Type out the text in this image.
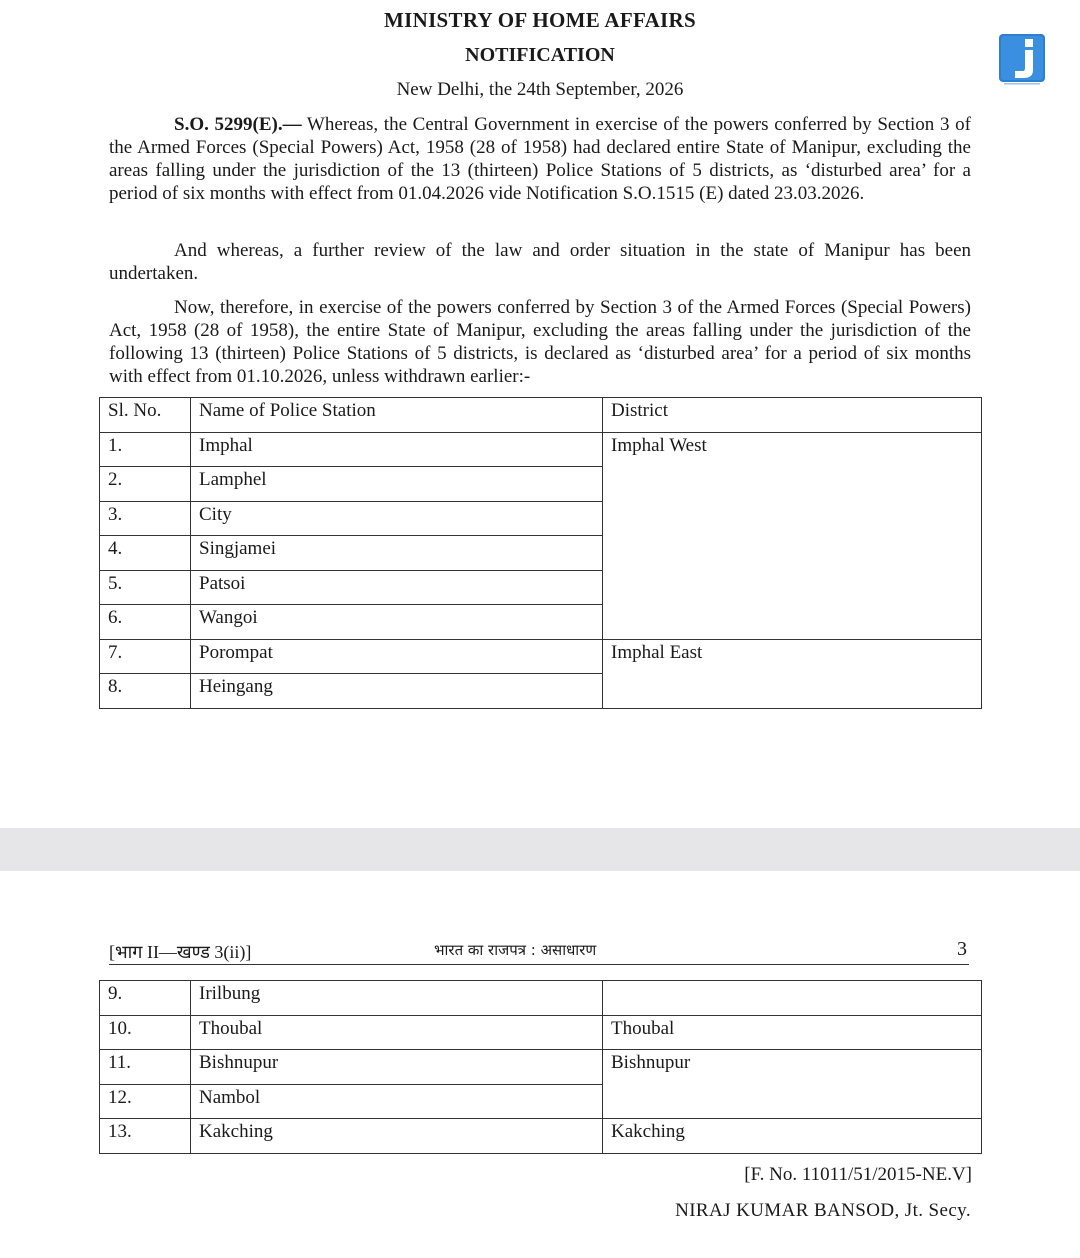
MINISTRY OF HOME AFFAIRS
NOTIFICATION
New Delhi, the 24th September, 2026
S.O. 5299(E).— Whereas, the Central Government in exercise of the powers conferred by Section 3 of the Armed Forces (Special Powers) Act, 1958 (28 of 1958) had declared entire State of Manipur, excluding the areas falling under the jurisdiction of the 13 (thirteen) Police Stations of 5 districts, as ‘disturbed area’ for a period of six months with effect from 01.04.2026 vide Notification S.O.1515 (E) dated 23.03.2026.
And whereas, a further review of the law and order situation in the state of Manipur has been undertaken.
Now, therefore, in exercise of the powers conferred by Section 3 of the Armed Forces (Special Powers) Act, 1958 (28 of 1958), the entire State of Manipur, excluding the areas falling under the jurisdiction of the following 13 (thirteen) Police Stations of 5 districts, is declared as ‘disturbed area’ for a period of six months with effect from 01.10.2026, unless withdrawn earlier:-
Sl. No.	Name of Police Station	District
1.	Imphal	Imphal West
2.	Lamphel	
3.	City	
4.	Singjamei	
5.	Patsoi	
6.	Wangoi	
7.	Porompat	Imphal East
8.	Heingang	
[भाग II—खण्ड 3(ii)]	भारत का राजपत्र : असाधारण	3
9.	Irilbung	
10.	Thoubal	Thoubal
11.	Bishnupur	Bishnupur
12.	Nambol	
13.	Kakching	Kakching
[F. No. 11011/51/2015-NE.V]
NIRAJ KUMAR BANSOD, Jt. Secy.
